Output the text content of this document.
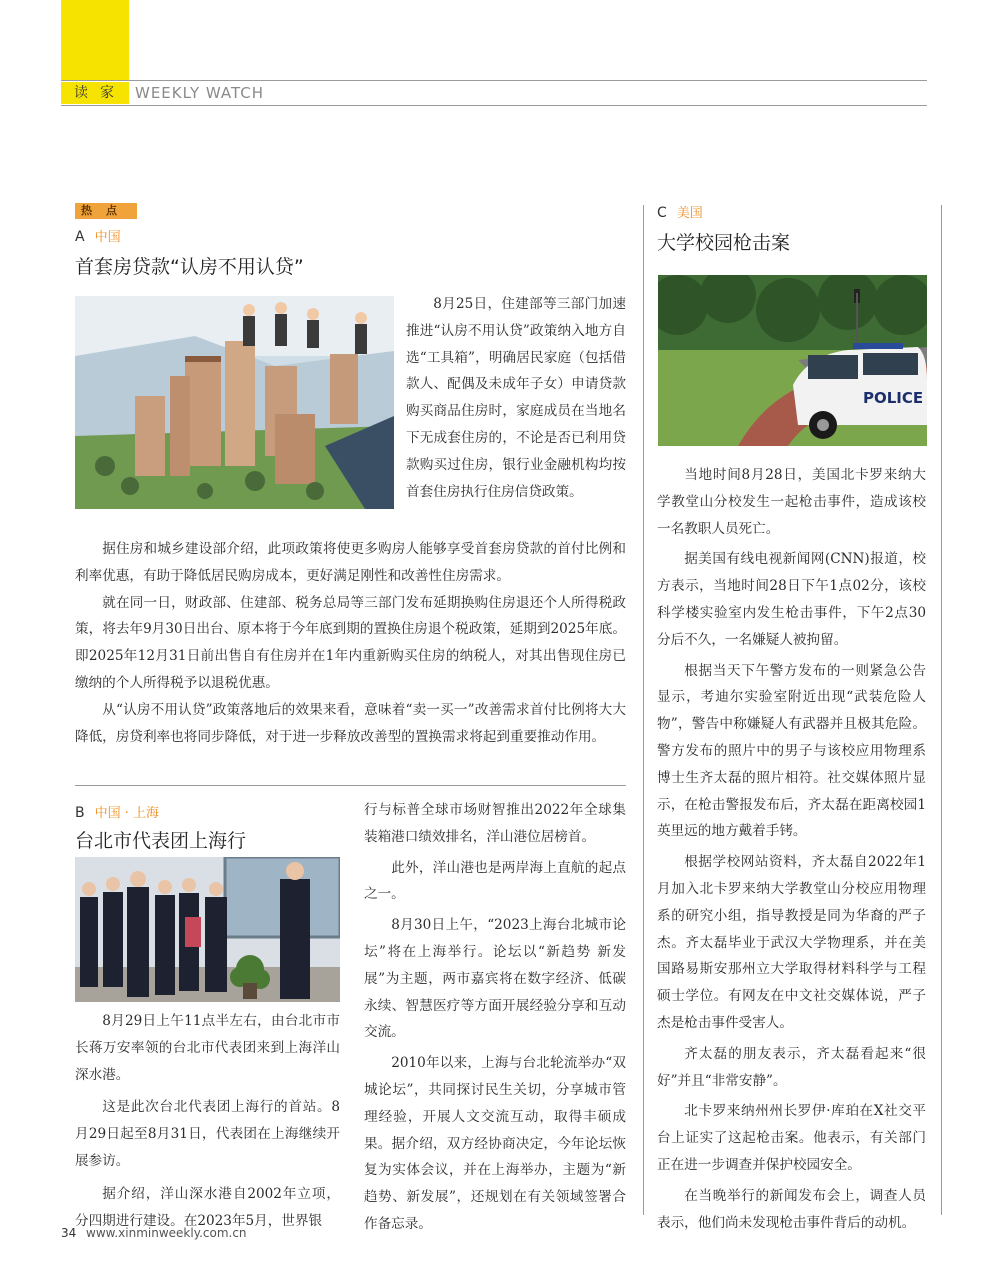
读家 WEEKLY WATCH
热点
A 中国
首套房贷款“认房不用认贷”

8月25日，住建部等三部门加速推进“认房不用认贷”政策纳入地方自选“工具箱”，明确居民家庭（包括借款人、配偶及未成年子女）申请贷款购买商品住房时，家庭成员在当地名下无成套住房的，不论是否已利用贷款购买过住房，银行业金融机构均按首套住房执行住房信贷政策。

据住房和城乡建设部介绍，此项政策将使更多购房人能够享受首套房贷款的首付比例和利率优惠，有助于降低居民购房成本，更好满足刚性和改善性住房需求。

就在同一日，财政部、住建部、税务总局等三部门发布延期换购住房退还个人所得税政策，将去年9月30日出台、原本将于今年底到期的置换住房退个税政策，延期到2025年底。即2025年12月31日前出售自有住房并在1年内重新购买住房的纳税人，对其出售现住房已缴纳的个人所得税予以退税优惠。

从“认房不用认贷”政策落地后的效果来看，意味着“卖一买一”改善需求首付比例将大大降低，房贷利率也将同步降低，对于进一步释放改善型的置换需求将起到重要推动作用。

B 中国 · 上海
台北市代表团上海行

8月29日上午11点半左右，由台北市市长蒋万安率领的台北市代表团来到上海洋山深水港。

这是此次台北代表团上海行的首站。8月29日起至8月31日，代表团在上海继续开展参访。

据介绍，洋山深水港自2002年立项，分四期进行建设。在2023年5月，世界银

行与标普全球市场财智推出2022年全球集装箱港口绩效排名，洋山港位居榜首。

此外，洋山港也是两岸海上直航的起点之一。

8月30日上午，“2023上海台北城市论坛”将在上海举行。论坛以“新趋势 新发展”为主题，两市嘉宾将在数字经济、低碳永续、智慧医疗等方面开展经验分享和互动交流。

2010年以来，上海与台北轮流举办“双城论坛”，共同探讨民生关切，分享城市管理经验，开展人文交流互动，取得丰硕成果。据介绍，双方经协商决定，今年论坛恢复为实体会议，并在上海举办，主题为“新趋势、新发展”，还规划在有关领域签署合作备忘录。

C 美国
大学校园枪击案
POLICE

当地时间8月28日，美国北卡罗来纳大学教堂山分校发生一起枪击事件，造成该校一名教职人员死亡。

据美国有线电视新闻网(CNN)报道，校方表示，当地时间28日下午1点02分，该校科学楼实验室内发生枪击事件，下午2点30分后不久，一名嫌疑人被拘留。

根据当天下午警方发布的一则紧急公告显示，考迪尔实验室附近出现“武装危险人物”，警告中称嫌疑人有武器并且极其危险。警方发布的照片中的男子与该校应用物理系博士生齐太磊的照片相符。社交媒体照片显示，在枪击警报发布后，齐太磊在距离校园1英里远的地方戴着手铐。

根据学校网站资料，齐太磊自2022年1月加入北卡罗来纳大学教堂山分校应用物理系的研究小组，指导教授是同为华裔的严子杰。齐太磊毕业于武汉大学物理系，并在美国路易斯安那州立大学取得材料科学与工程硕士学位。有网友在中文社交媒体说，严子杰是枪击事件受害人。

齐太磊的朋友表示，齐太磊看起来“很好”并且“非常安静”。

北卡罗来纳州州长罗伊·库珀在X社交平台上证实了这起枪击案。他表示，有关部门正在进一步调查并保护校园安全。

在当晚举行的新闻发布会上，调查人员表示，他们尚未发现枪击事件背后的动机。

34 www.xinminweekly.com.cn
